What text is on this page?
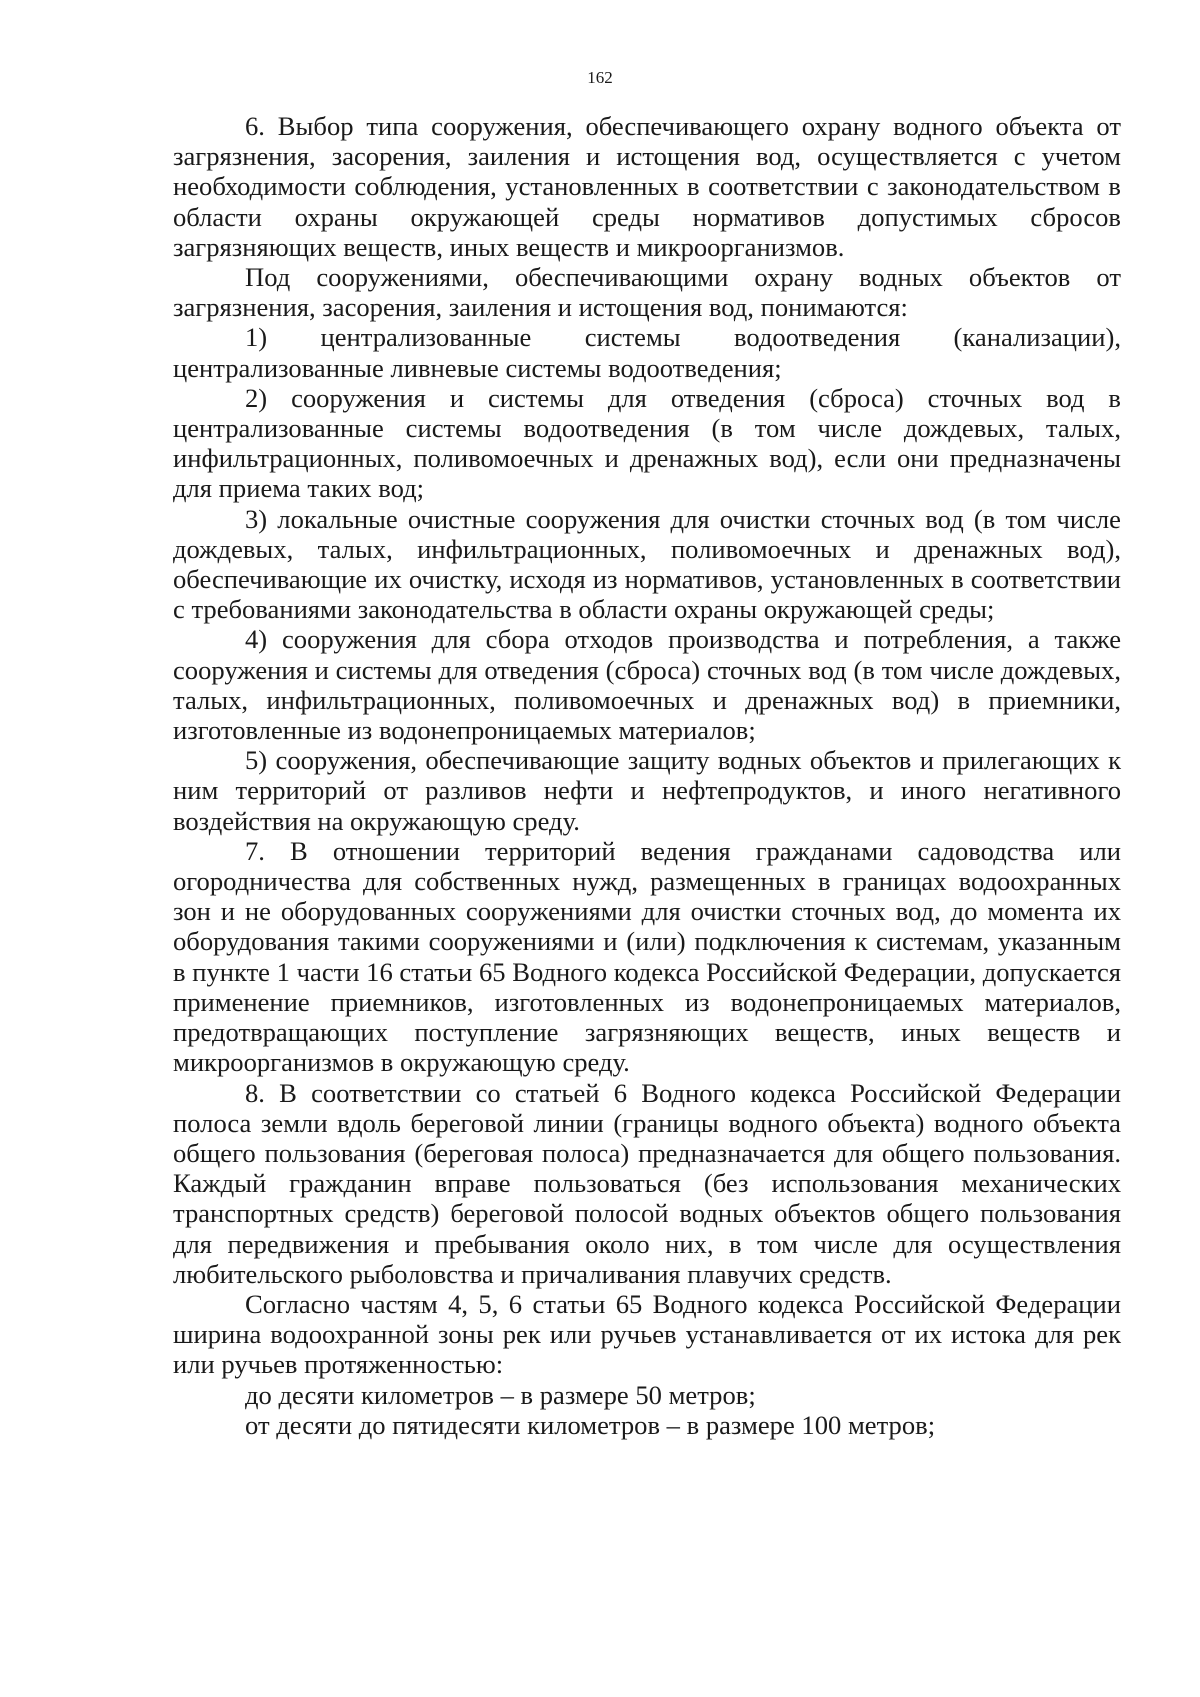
162

6. Выбор типа сооружения, обеспечивающего охрану водного объекта от загрязнения, засорения, заиления и истощения вод, осуществляется с учетом необходимости соблюдения, установленных в соответствии с законодательством в области охраны окружающей среды нормативов допустимых сбросов загрязняющих веществ, иных веществ и микроорганизмов.

Под сооружениями, обеспечивающими охрану водных объектов от загрязнения, засорения, заиления и истощения вод, понимаются:

1) централизованные системы водоотведения (канализации), централизованные ливневые системы водоотведения;

2) сооружения и системы для отведения (сброса) сточных вод в централизованные системы водоотведения (в том числе дождевых, талых, инфильтрационных, поливомоечных и дренажных вод), если они предназначены для приема таких вод;

3) локальные очистные сооружения для очистки сточных вод (в том числе дождевых, талых, инфильтрационных, поливомоечных и дренажных вод), обеспечивающие их очистку, исходя из нормативов, установленных в соответствии с требованиями законодательства в области охраны окружающей среды;

4) сооружения для сбора отходов производства и потребления, а также сооружения и системы для отведения (сброса) сточных вод (в том числе дождевых, талых, инфильтрационных, поливомоечных и дренажных вод) в приемники, изготовленные из водонепроницаемых материалов;

5) сооружения, обеспечивающие защиту водных объектов и прилегающих к ним территорий от разливов нефти и нефтепродуктов, и иного негативного воздействия на окружающую среду.

7. В отношении территорий ведения гражданами садоводства или огородничества для собственных нужд, размещенных в границах водоохранных зон и не оборудованных сооружениями для очистки сточных вод, до момента их оборудования такими сооружениями и (или) подключения к системам, указанным в пункте 1 части 16 статьи 65 Водного кодекса Российской Федерации, допускается применение приемников, изготовленных из водонепроницаемых материалов, предотвращающих поступление загрязняющих веществ, иных веществ и микроорганизмов в окружающую среду.

8. В соответствии со статьей 6 Водного кодекса Российской Федерации полоса земли вдоль береговой линии (границы водного объекта) водного объекта общего пользования (береговая полоса) предназначается для общего пользования. Каждый гражданин вправе пользоваться (без использования механических транспортных средств) береговой полосой водных объектов общего пользования для передвижения и пребывания около них, в том числе для осуществления любительского рыболовства и причаливания плавучих средств.

Согласно частям 4, 5, 6 статьи 65 Водного кодекса Российской Федерации ширина водоохранной зоны рек или ручьев устанавливается от их истока для рек или ручьев протяженностью:

до десяти километров – в размере 50 метров;

от десяти до пятидесяти километров – в размере 100 метров;
